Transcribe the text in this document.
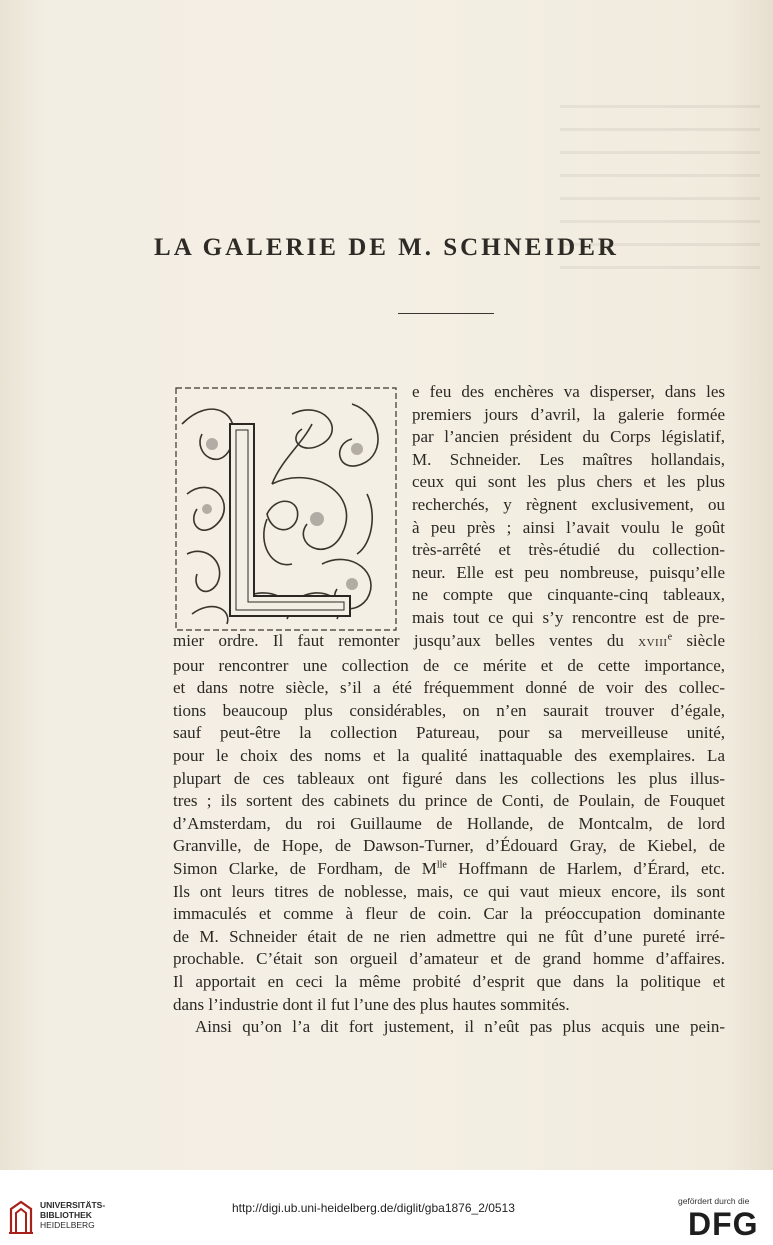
LA GALERIE DE M. SCHNEIDER
e feu des enchères va disperser, dans les
premiers jours d’avril, la galerie formée
par l’ancien président du Corps législatif,
M. Schneider. Les maîtres hollandais,
ceux qui sont les plus chers et les plus
recherchés, y règnent exclusivement, ou
à peu près ; ainsi l’avait voulu le goût
très-arrêté et très-étudié du collection-
neur. Elle est peu nombreuse, puisqu’elle
ne compte que cinquante-cinq tableaux,
mais tout ce qui s’y rencontre est de pre-
mier ordre. Il faut remonter jusqu’aux belles ventes du XVIIIe siècle
pour rencontrer une collection de ce mérite et de cette importance,
et dans notre siècle, s’il a été fréquemment donné de voir des collec-
tions beaucoup plus considérables, on n’en saurait trouver d’égale,
sauf peut-être la collection Patureau, pour sa merveilleuse unité,
pour le choix des noms et la qualité inattaquable des exemplaires. La
plupart de ces tableaux ont figuré dans les collections les plus illus-
tres ; ils sortent des cabinets du prince de Conti, de Poulain, de Fouquet
d’Amsterdam, du roi Guillaume de Hollande, de Montcalm, de lord
Granville, de Hope, de Dawson-Turner, d’Édouard Gray, de Kiebel, de
Simon Clarke, de Fordham, de $M^{lle}$ Hoffmann de Harlem, d’Érard, etc.
Ils ont leurs titres de noblesse, mais, ce qui vaut mieux encore, ils sont
immaculés et comme à fleur de coin. Car la préoccupation dominante
de M. Schneider était de ne rien admettre qui ne fût d’une pureté irré-
prochable. C’était son orgueil d’amateur et de grand homme d’affaires.
Il apportait en ceci la même probité d’esprit que dans la politique et
dans l’industrie dont il fut l’une des plus hautes sommités.
Ainsi qu’on l’a dit fort justement, il n’eût pas plus acquis une pein-
UNIVERSITÄTS-
BIBLIOTHEK
HEIDELBERG
http://digi.ub.uni-heidelberg.de/diglit/gba1876_2/0513	gefördert durch die
DFG
